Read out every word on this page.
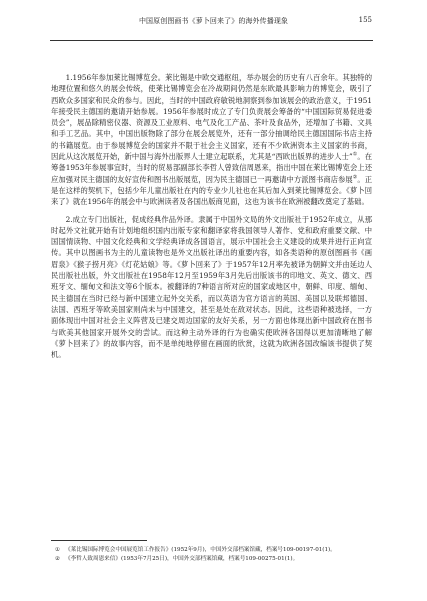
中国原创图画书《萝卜回来了》的海外传播现象	155

1.1956年参加莱比锡博览会。莱比锡是中欧交通枢纽，举办展会的历史有八百余年。其独特的地理位置和悠久的展会传统，使莱比锡博览会在冷战期间仍然是东欧最具影响力的博览会，吸引了西欧众多国家和民众的参与。因此，当时的中国政府敏锐地洞察到参加该展会的政治意义，于1951年接受民主德国的邀请开始参展。1956年参展时成立了专门负责展会筹备的“中国国际贸易促进委员会”，展品除精密仪器、资源及工业原料、电气及化工产品、茶叶及食品外，还增加了书籍、文具和手工艺品。其中，中国出版物除了部分在展会展览外，还有一部分抽调给民主德国国际书店主持的书籍展览。由于参展博览会的国家并不限于社会主义国家，还有不少欧洲资本主义国家的书商，因此从这次展览开始，新中国与海外出版界人士建立起联系，尤其是“西欧出版界的进步人士”①。在筹备1953年参展事宜时，当时的贸易部副部长李哲人曾致信周恩来，指出中国在莱比锡博览会上还应加强对民主德国的友好宣传和图书出版展览，因为民主德国已一再邀请中方派图书商店参展②。正是在这样的契机下，包括少年儿童出版社在内的专业少儿社也在其后加入到莱比锡博览会。《萝卜回来了》就在1956年的展会中与欧洲读者及各国出版商见面，这也为该书在欧洲被翻改奠定了基础。

2.成立专门出版社，促成经典作品外译。隶属于中国外文局的外文出版社于1952年成立，从那时起外文社就开始有计划地组织国内出版专家和翻译家将我国领导人著作、党和政府重要文献、中国国情读物、中国文化经典和文学经典译成各国语言，展示中国社会主义建设的成果并进行正向宣传。其中以图画书为主的儿童读物也是外文出版社译出的重要内容，如各类语种的原创图画书《画眉泉》《猴子捞月亮》《灯花姑娘》等。《萝卜回来了》于1957年12月率先被译为朝鲜文并由延边人民出版社出版，外文出版社在1958年12月至1959年3月先后出版该书的印地文、英文、德文、西班牙文、缅甸文和法文等6个版本。被翻译的7种语言所对应的国家或地区中，朝鲜、印度、缅甸、民主德国在当时已经与新中国建立起外交关系，而以英语为官方语言的英国、美国以及联邦德国、法国、西班牙等欧美国家则尚未与中国建交，甚至是处在敌对状态。因此，这些语种被选择，一方面体现出中国对社会主义阵营及已建交周边国家的友好关系，另一方面也体现出新中国政府在图书与欧美其他国家开展外交的尝试。而这种主动外译的行为也确实使欧洲各国得以更加清晰地了解《萝卜回来了》的故事内容，而不是单纯地停留在画面的欣赏，这就为欧洲各国改编该书提供了契机。

① 《莱比锡国际博览会中国展览馆工作报告》(1952年9月)，中国外交部档案馆藏，档案号109-00197-01(1)。

② 《李哲人致周恩来信》(1953年7月25日)，中国外交部档案馆藏，档案号109-00275-01(1)。
